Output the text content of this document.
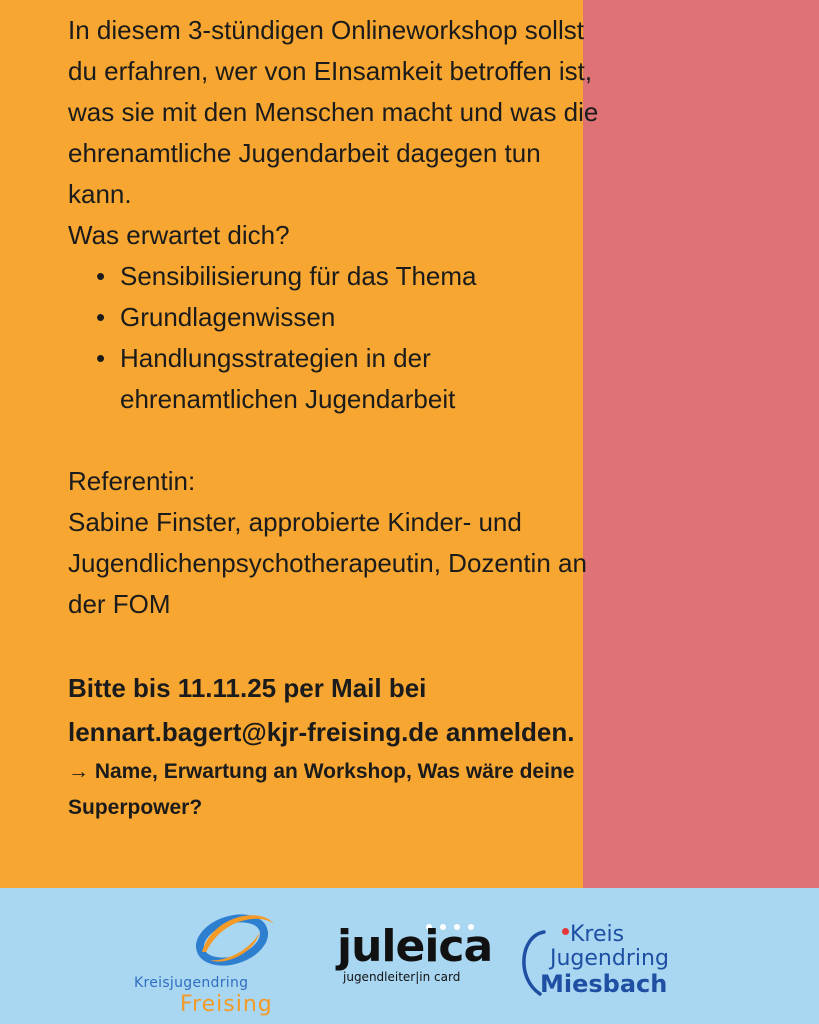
In diesem 3-stündigen Onlineworkshop sollst

du erfahren, wer von EInsamkeit betroffen ist,

was sie mit den Menschen macht und was die

ehrenamtliche Jugendarbeit dagegen tun

kann.

Was erwartet dich?

• Sensibilisierung für das Thema
• Grundlagenwissen
• Handlungsstrategien in der

ehrenamtlichen Jugendarbeit

Referentin:

Sabine Finster, approbierte Kinder- und

Jugendlichenpsychotherapeutin, Dozentin an

der FOM

Bitte bis 11.11.25 per Mail bei

lennart.bagert@kjr-freising.de anmelden.

→ Name, Erwartung an Workshop, Was wäre deine

Superpower?

Kreisjugendring
Freising
juleica
jugendleiter|in card
Kreis
Jugendring
Miesbach
